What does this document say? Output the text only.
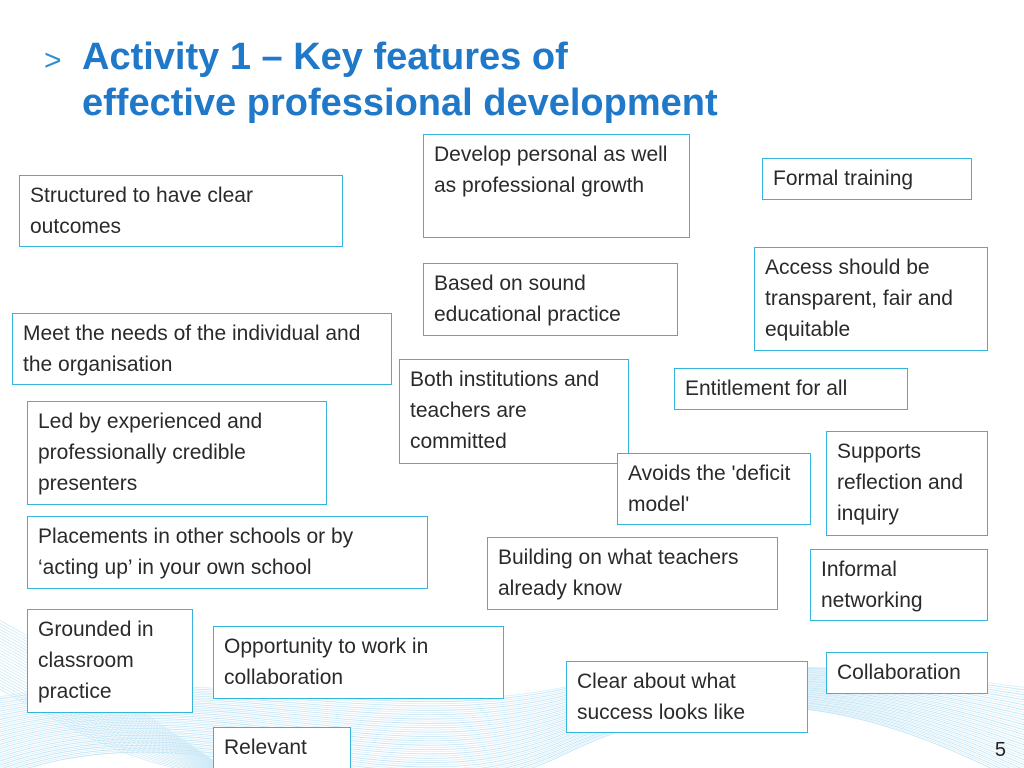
> Activity 1 – Key features of
effective professional development
Structured to have clear outcomes
Develop personal as well as professional growth	Formal training
Access should be transparent, fair and equitable
Based on sound educational practice
Meet the needs of the individual and the organisation
Both institutions and teachers are committed
Entitlement for all
Led by experienced and professionally credible presenters
Supports reflection and inquiry
Avoids the 'deficit model'
Placements in other schools or by ‘acting up’ in your own school	Building on what teachers already know
Informal networking
Grounded in classroom practice
Opportunity to work in collaboration	Collaboration
Clear about what success looks like
Relevant	5
